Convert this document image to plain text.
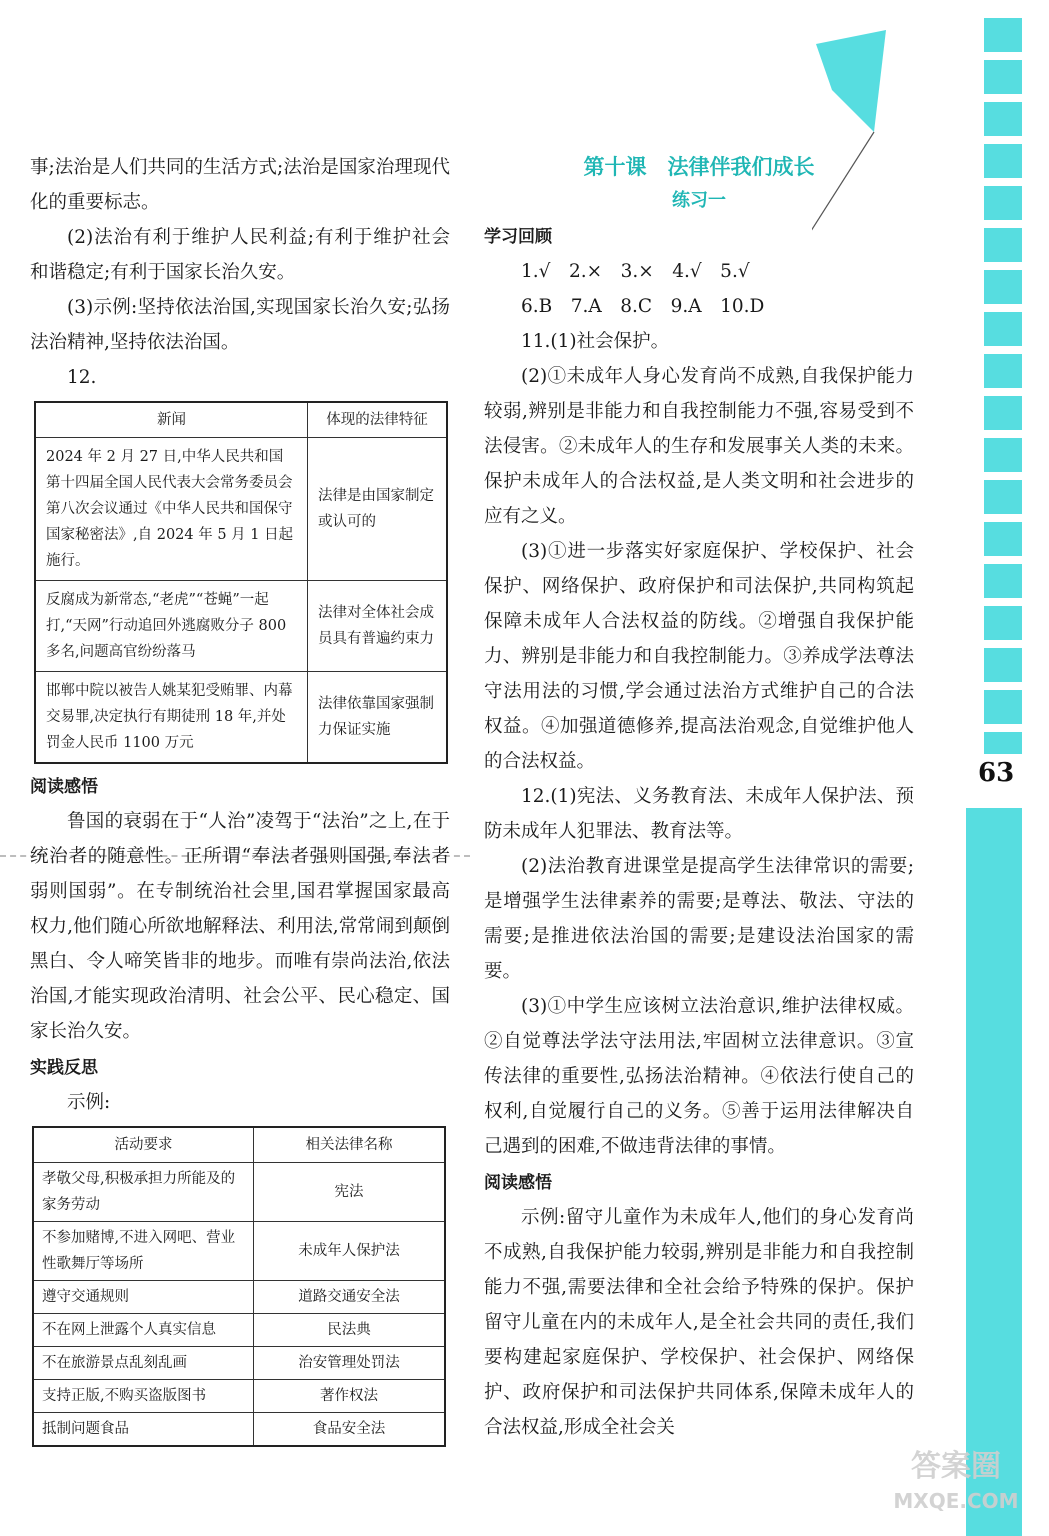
63
答案圈
MXQE.COM

事;法治是人们共同的生活方式;法治是国家治理现代化的重要标志。

(2)法治有利于维护人民利益;有利于维护社会和谐稳定;有利于国家长治久安。

(3)示例:坚持依法治国,实现国家长治久安;弘扬法治精神,坚持依法治国。

12.

新闻	体现的法律特征
2024 年 2 月 27 日,中华人民共和国第十四届全国人民代表大会常务委员会第八次会议通过《中华人民共和国保守国家秘密法》,自 2024 年 5 月 1 日起施行。	法律是由国家制定或认可的
反腐成为新常态,“老虎”“苍蝇”一起打,“天网”行动追回外逃腐败分子 800 多名,问题高官纷纷落马	法律对全体社会成员具有普遍约束力
邯郸中院以被告人姚某犯受贿罪、内幕交易罪,决定执行有期徒刑 18 年,并处罚金人民币 1100 万元	法律依靠国家强制力保证实施
阅读感悟

鲁国的衰弱在于“人治”凌驾于“法治”之上,在于统治者的随意性。正所谓“奉法者强则国强,奉法者弱则国弱”。在专制统治社会里,国君掌握国家最高权力,他们随心所欲地解释法、利用法,常常闹到颠倒黑白、令人啼笑皆非的地步。而唯有崇尚法治,依法治国,才能实现政治清明、社会公平、民心稳定、国家长治久安。

实践反思

示例:

活动要求	相关法律名称
孝敬父母,积极承担力所能及的家务劳动	宪法
不参加赌博,不进入网吧、营业性歌舞厅等场所	未成年人保护法
遵守交通规则	道路交通安全法
不在网上泄露个人真实信息	民法典
不在旅游景点乱刻乱画	治安管理处罚法
支持正版,不购买盗版图书	著作权法
抵制问题食品	食品安全法

第十课　法律伴我们成长

练习一

学习回顾

1.√　2.×　3.×　4.√　5.√

6.B　7.A　8.C　9.A　10.D

11.(1)社会保护。

(2)①未成年人身心发育尚不成熟,自我保护能力较弱,辨别是非能力和自我控制能力不强,容易受到不法侵害。②未成年人的生存和发展事关人类的未来。保护未成年人的合法权益,是人类文明和社会进步的应有之义。

(3)①进一步落实好家庭保护、学校保护、社会保护、网络保护、政府保护和司法保护,共同构筑起保障未成年人合法权益的防线。②增强自我保护能力、辨别是非能力和自我控制能力。③养成学法尊法守法用法的习惯,学会通过法治方式维护自己的合法权益。④加强道德修养,提高法治观念,自觉维护他人的合法权益。

12.(1)宪法、义务教育法、未成年人保护法、预防未成年人犯罪法、教育法等。

(2)法治教育进课堂是提高学生法律常识的需要;是增强学生法律素养的需要;是尊法、敬法、守法的需要;是推进依法治国的需要;是建设法治国家的需要。

(3)①中学生应该树立法治意识,维护法律权威。②自觉尊法学法守法用法,牢固树立法律意识。③宣传法律的重要性,弘扬法治精神。④依法行使自己的权利,自觉履行自己的义务。⑤善于运用法律解决自己遇到的困难,不做违背法律的事情。

阅读感悟

示例:留守儿童作为未成年人,他们的身心发育尚不成熟,自我保护能力较弱,辨别是非能力和自我控制能力不强,需要法律和全社会给予特殊的保护。保护留守儿童在内的未成年人,是全社会共同的责任,我们要构建起家庭保护、学校保护、社会保护、网络保护、政府保护和司法保护共同体系,保障未成年人的合法权益,形成全社会关
